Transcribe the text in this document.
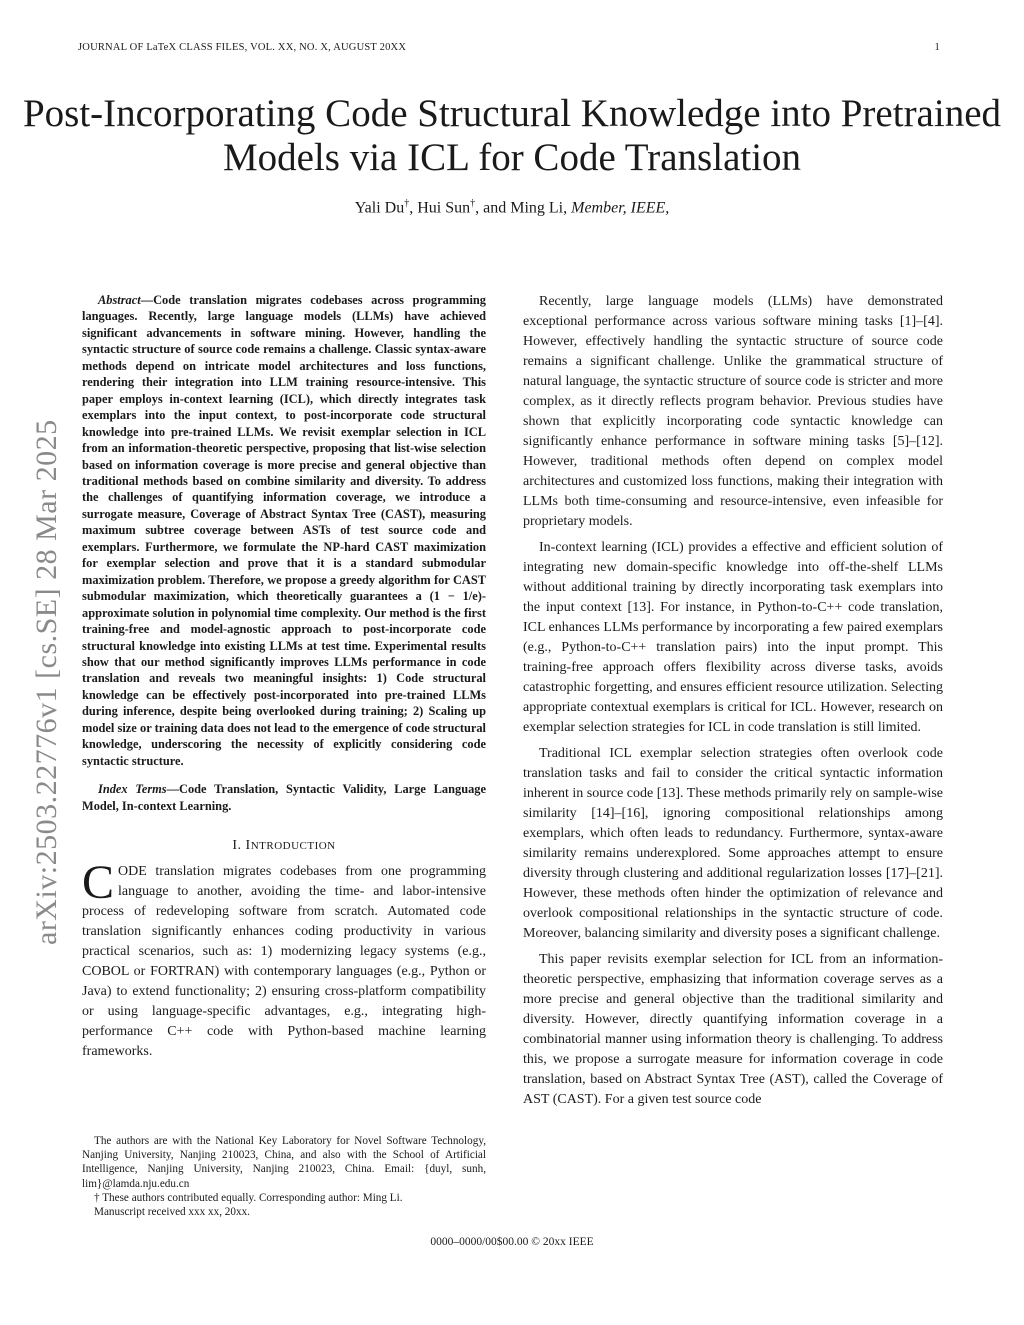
JOURNAL OF LaTeX CLASS FILES, VOL. XX, NO. X, AUGUST 20XX	1
Post-Incorporating Code Structural Knowledge into Pretrained Models via ICL for Code Translation
Yali Du†, Hui Sun†, and Ming Li, Member, IEEE,
arXiv:2503.22776v1 [cs.SE] 28 Mar 2025

Abstract—Code translation migrates codebases across programming languages. Recently, large language models (LLMs) have achieved significant advancements in software mining. However, handling the syntactic structure of source code remains a challenge. Classic syntax-aware methods depend on intricate model architectures and loss functions, rendering their integration into LLM training resource-intensive. This paper employs in-context learning (ICL), which directly integrates task exemplars into the input context, to post-incorporate code structural knowledge into pre-trained LLMs. We revisit exemplar selection in ICL from an information-theoretic perspective, proposing that list-wise selection based on information coverage is more precise and general objective than traditional methods based on combine similarity and diversity. To address the challenges of quantifying information coverage, we introduce a surrogate measure, Coverage of Abstract Syntax Tree (CAST), measuring maximum subtree coverage between ASTs of test source code and exemplars. Furthermore, we formulate the NP-hard CAST maximization for exemplar selection and prove that it is a standard submodular maximization problem. Therefore, we propose a greedy algorithm for CAST submodular maximization, which theoretically guarantees a (1 − 1/e)-approximate solution in polynomial time complexity. Our method is the first training-free and model-agnostic approach to post-incorporate code structural knowledge into existing LLMs at test time. Experimental results show that our method significantly improves LLMs performance in code translation and reveals two meaningful insights: 1) Code structural knowledge can be effectively post-incorporated into pre-trained LLMs during inference, despite being overlooked during training; 2) Scaling up model size or training data does not lead to the emergence of code structural knowledge, underscoring the necessity of explicitly considering code syntactic structure.

Index Terms—Code Translation, Syntactic Validity, Large Language Model, In-context Learning.

I. INTRODUCTION

CODE translation migrates codebases from one programming language to another, avoiding the time- and labor-intensive process of redeveloping software from scratch. Automated code translation significantly enhances coding productivity in various practical scenarios, such as: 1) modernizing legacy systems (e.g., COBOL or FORTRAN) with contemporary languages (e.g., Python or Java) to extend functionality; 2) ensuring cross-platform compatibility or using language-specific advantages, e.g., integrating high-performance C++ code with Python-based machine learning frameworks.

The authors are with the National Key Laboratory for Novel Software Technology, Nanjing University, Nanjing 210023, China, and also with the School of Artificial Intelligence, Nanjing University, Nanjing 210023, China. Email: {duyl, sunh, lim}@lamda.nju.edu.cn

† These authors contributed equally. Corresponding author: Ming Li.

Manuscript received xxx xx, 20xx.

Recently, large language models (LLMs) have demonstrated exceptional performance across various software mining tasks [1]–[4]. However, effectively handling the syntactic structure of source code remains a significant challenge. Unlike the grammatical structure of natural language, the syntactic structure of source code is stricter and more complex, as it directly reflects program behavior. Previous studies have shown that explicitly incorporating code syntactic knowledge can significantly enhance performance in software mining tasks [5]–[12]. However, traditional methods often depend on complex model architectures and customized loss functions, making their integration with LLMs both time-consuming and resource-intensive, even infeasible for proprietary models.

In-context learning (ICL) provides a effective and efficient solution of integrating new domain-specific knowledge into off-the-shelf LLMs without additional training by directly incorporating task exemplars into the input context [13]. For instance, in Python-to-C++ code translation, ICL enhances LLMs performance by incorporating a few paired exemplars (e.g., Python-to-C++ translation pairs) into the input prompt. This training-free approach offers flexibility across diverse tasks, avoids catastrophic forgetting, and ensures efficient resource utilization. Selecting appropriate contextual exemplars is critical for ICL. However, research on exemplar selection strategies for ICL in code translation is still limited.

Traditional ICL exemplar selection strategies often overlook code translation tasks and fail to consider the critical syntactic information inherent in source code [13]. These methods primarily rely on sample-wise similarity [14]–[16], ignoring compositional relationships among exemplars, which often leads to redundancy. Furthermore, syntax-aware similarity remains underexplored. Some approaches attempt to ensure diversity through clustering and additional regularization losses [17]–[21]. However, these methods often hinder the optimization of relevance and overlook compositional relationships in the syntactic structure of code. Moreover, balancing similarity and diversity poses a significant challenge.

This paper revisits exemplar selection for ICL from an information-theoretic perspective, emphasizing that information coverage serves as a more precise and general objective than the traditional similarity and diversity. However, directly quantifying information coverage in a combinatorial manner using information theory is challenging. To address this, we propose a surrogate measure for information coverage in code translation, based on Abstract Syntax Tree (AST), called the Coverage of AST (CAST). For a given test source code

0000–0000/00$00.00 © 20xx IEEE
